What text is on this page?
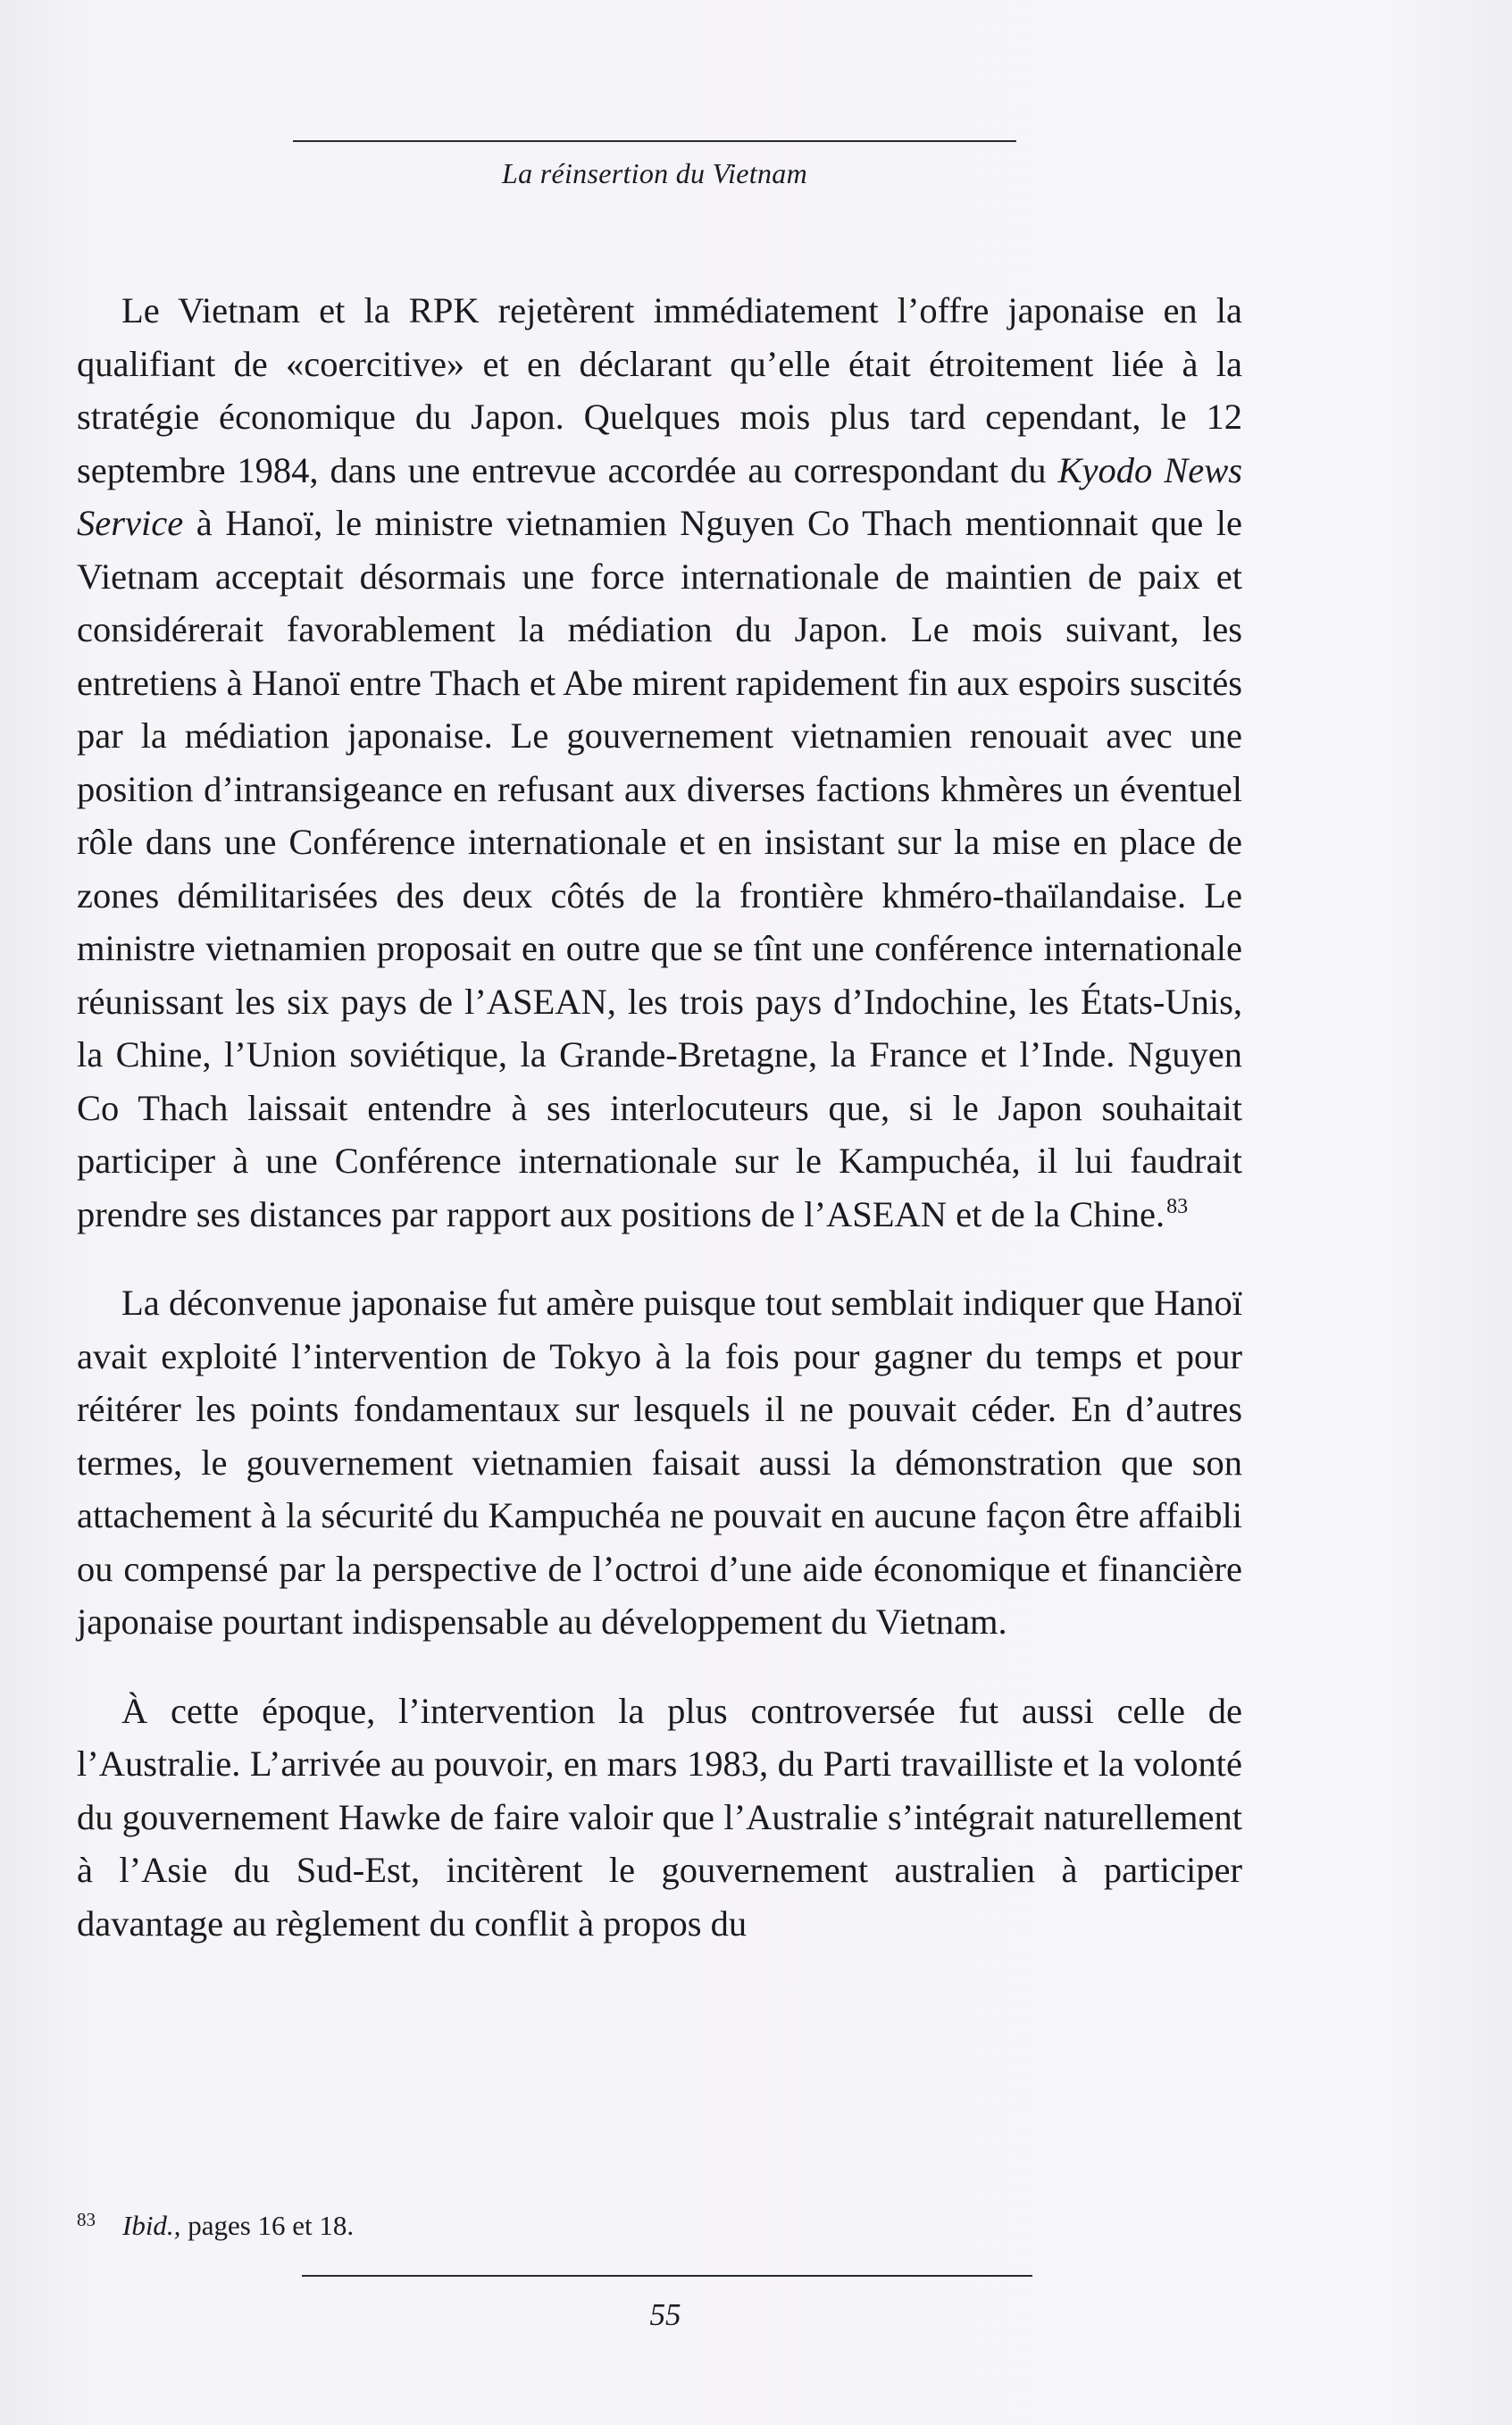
La réinsertion du Vietnam

Le Vietnam et la RPK rejetèrent immédiatement l’offre japonaise en la qualifiant de «coercitive» et en déclarant qu’elle était étroitement liée à la stratégie économique du Japon. Quelques mois plus tard cependant, le 12 septembre 1984, dans une entrevue accordée au correspondant du Kyodo News Service à Hanoï, le ministre vietnamien Nguyen Co Thach mentionnait que le Vietnam acceptait désormais une force internationale de maintien de paix et considérerait favorablement la médiation du Japon. Le mois suivant, les entretiens à Hanoï entre Thach et Abe mirent rapidement fin aux espoirs suscités par la médiation japonaise. Le gouvernement vietnamien renouait avec une position d’intransigeance en refusant aux diverses factions khmères un éventuel rôle dans une Conférence internationale et en insistant sur la mise en place de zones démilitarisées des deux côtés de la frontière khméro-thaïlandaise. Le ministre vietnamien proposait en outre que se tînt une conférence internationale réunissant les six pays de l’ASEAN, les trois pays d’Indochine, les États-Unis, la Chine, l’Union soviétique, la Grande-Bretagne, la France et l’Inde. Nguyen Co Thach laissait entendre à ses interlocuteurs que, si le Japon souhaitait participer à une Conférence internationale sur le Kampuchéa, il lui faudrait prendre ses distances par rapport aux positions de l’ASEAN et de la Chine.$^{83}$

La déconvenue japonaise fut amère puisque tout semblait indiquer que Hanoï avait exploité l’intervention de Tokyo à la fois pour gagner du temps et pour réitérer les points fondamentaux sur lesquels il ne pouvait céder. En d’autres termes, le gouvernement vietnamien faisait aussi la démonstration que son attachement à la sécurité du Kampuchéa ne pouvait en aucune façon être affaibli ou compensé par la perspective de l’octroi d’une aide économique et financière japonaise pourtant indispensable au développement du Vietnam.

À cette époque, l’intervention la plus controversée fut aussi celle de l’Australie. L’arrivée au pouvoir, en mars 1983, du Parti travailliste et la volonté du gouvernement Hawke de faire valoir que l’Australie s’intégrait naturellement à l’Asie du Sud-Est, incitèrent le gouvernement australien à participer davantage au règlement du conflit à propos du

$^{83}$ Ibid., pages 16 et 18.
55
